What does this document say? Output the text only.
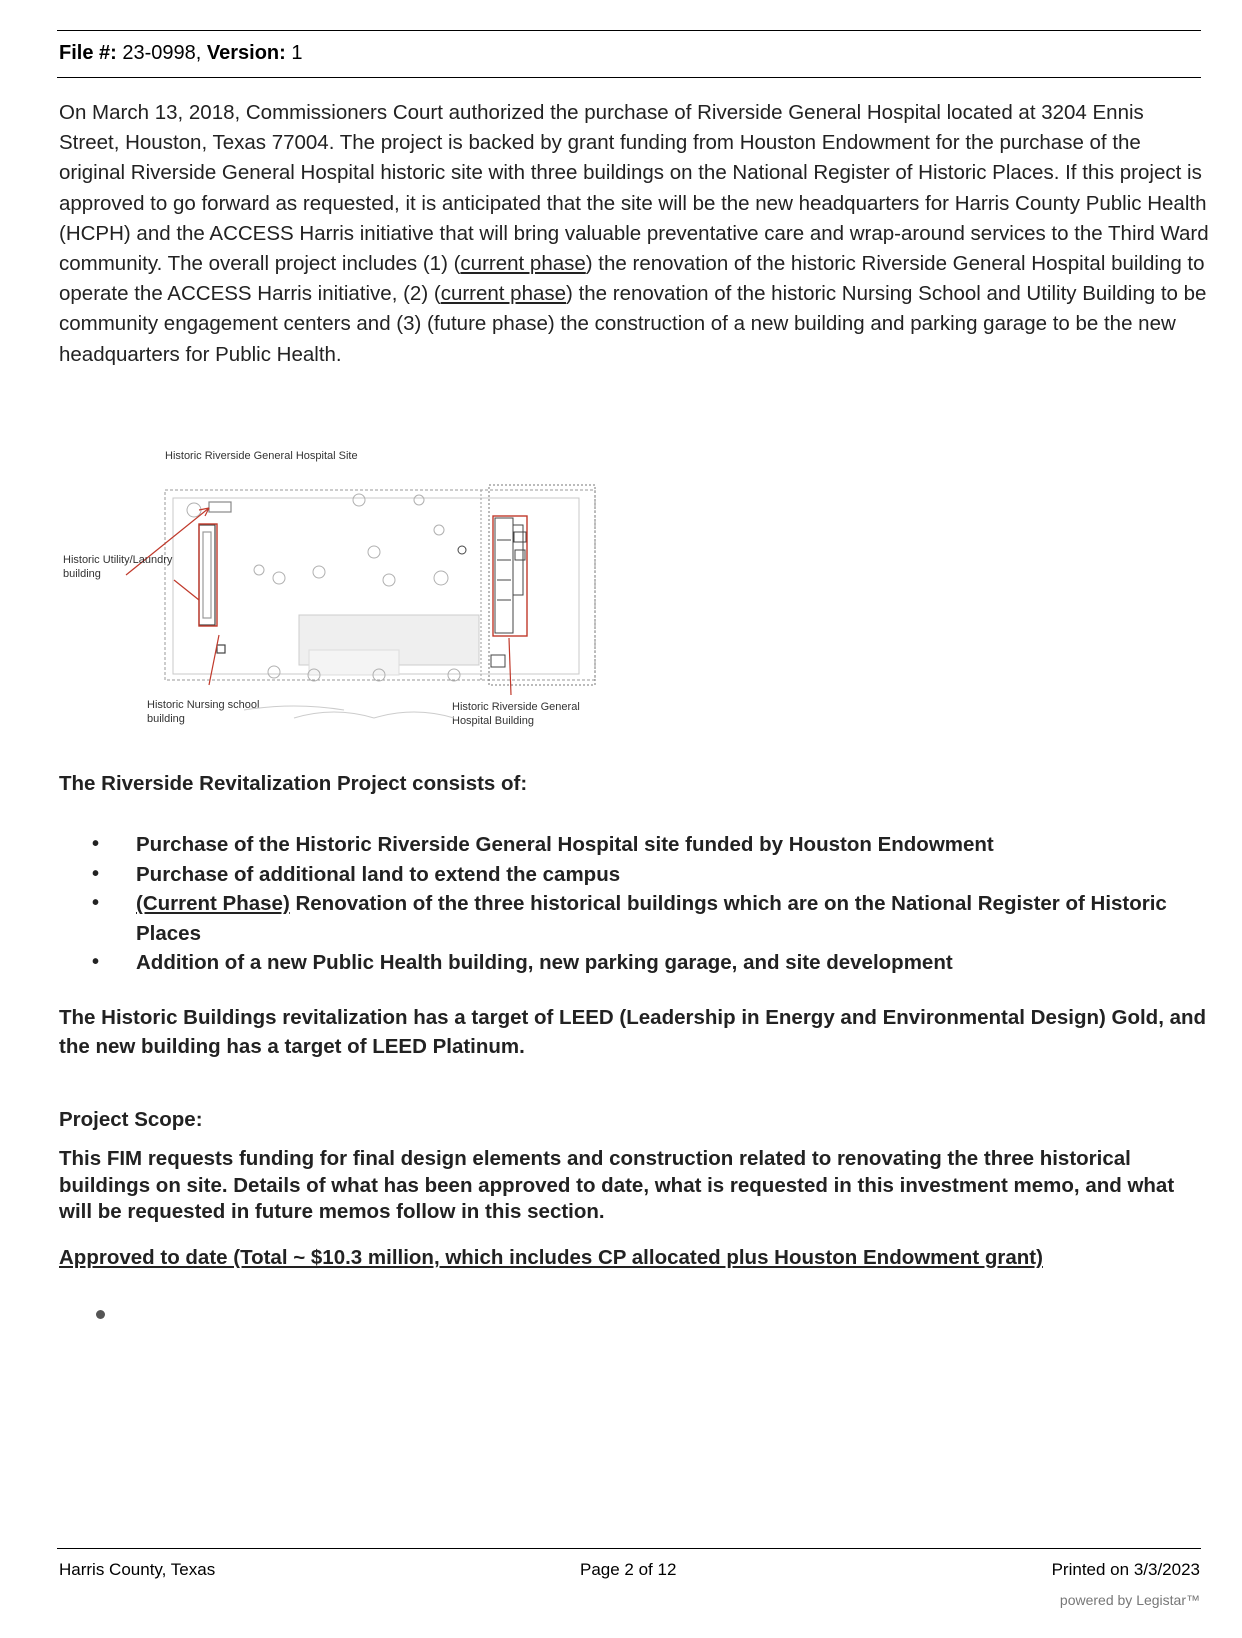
File #: 23-0998, Version: 1
On March 13, 2018, Commissioners Court authorized the purchase of Riverside General Hospital located at 3204 Ennis Street, Houston, Texas 77004. The project is backed by grant funding from Houston Endowment for the purchase of the original Riverside General Hospital historic site with three buildings on the National Register of Historic Places. If this project is approved to go forward as requested, it is anticipated that the site will be the new headquarters for Harris County Public Health (HCPH) and the ACCESS Harris initiative that will bring valuable preventative care and wrap-around services to the Third Ward community. The overall project includes (1) (current phase) the renovation of the historic Riverside General Hospital building to operate the ACCESS Harris initiative, (2) (current phase) the renovation of the historic Nursing School and Utility Building to be community engagement centers and (3) (future phase) the construction of a new building and parking garage to be the new headquarters for Public Health.
Historic Riverside General Hospital Site
Historic Utility/Laundry
building
Historic Nursing school
building
Historic Riverside General
Hospital Building
The Riverside Revitalization Project consists of:
• Purchase of the Historic Riverside General Hospital site funded by Houston Endowment
• Purchase of additional land to extend the campus
• (Current Phase) Renovation of the three historical buildings which are on the National Register of Historic Places
• Addition of a new Public Health building, new parking garage, and site development
The Historic Buildings revitalization has a target of LEED (Leadership in Energy and Environmental Design) Gold, and the new building has a target of LEED Platinum.
Project Scope:
This FIM requests funding for final design elements and construction related to renovating the three historical buildings on site. Details of what has been approved to date, what is requested in this investment memo, and what will be requested in future memos follow in this section.
Approved to date (Total ~ $10.3 million, which includes CP allocated plus Houston Endowment grant)
Harris County, Texas	Page 2 of 12	Printed on 3/3/2023
powered by Legistar™
